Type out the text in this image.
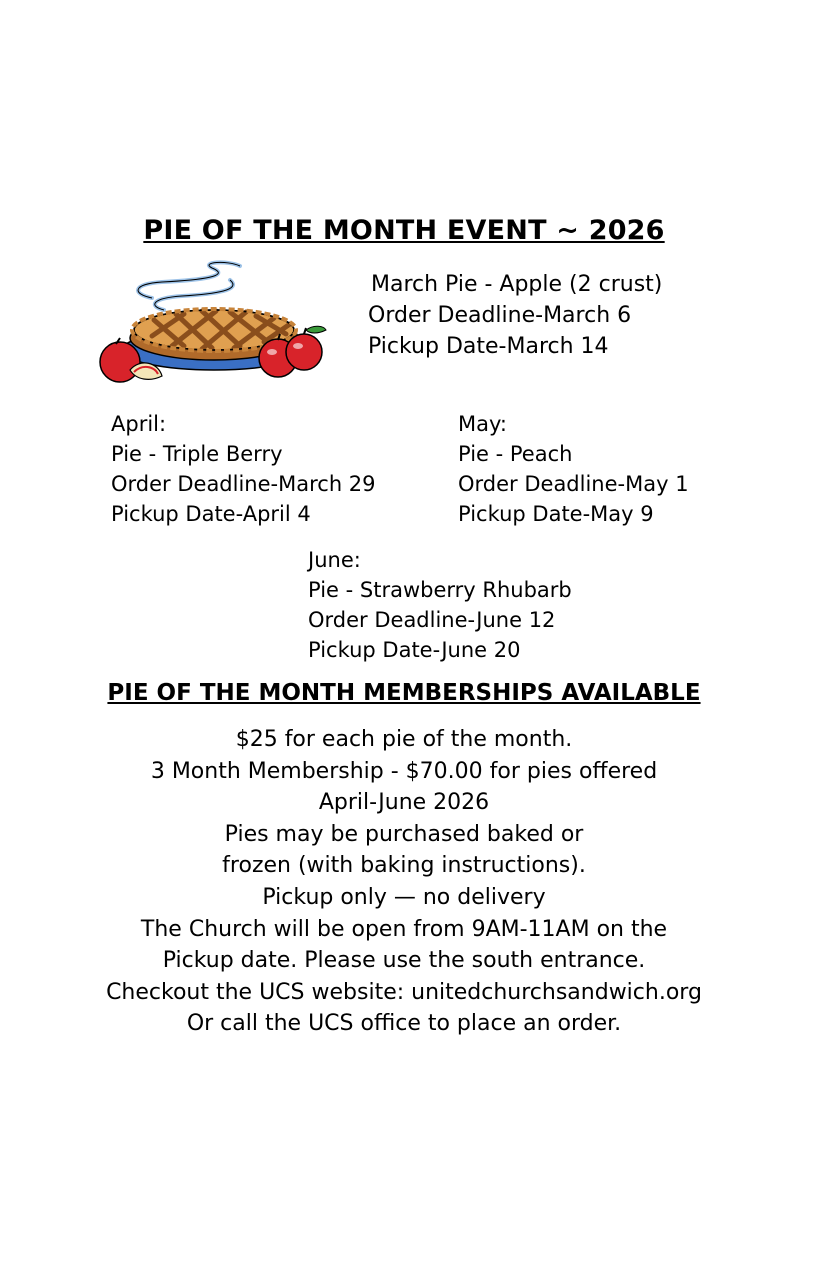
PIE OF THE MONTH EVENT ~ 2026
March Pie - Apple (2 crust)
Order Deadline-March 6
Pickup Date-March 14
April:
Pie - Triple Berry
Order Deadline-March 29
Pickup Date-April 4
May:
Pie - Peach
Order Deadline-May 1
Pickup Date-May 9
June:
Pie - Strawberry Rhubarb
Order Deadline-June 12
Pickup Date-June 20
PIE OF THE MONTH MEMBERSHIPS AVAILABLE
$25 for each pie of the month.
3 Month Membership - $70.00 for pies offered
April-June 2026
Pies may be purchased baked or
frozen (with baking instructions).
Pickup only — no delivery
The Church will be open from 9AM-11AM on the
Pickup date. Please use the south entrance.
Checkout the UCS website: unitedchurchsandwich.org
Or call the UCS office to place an order.
